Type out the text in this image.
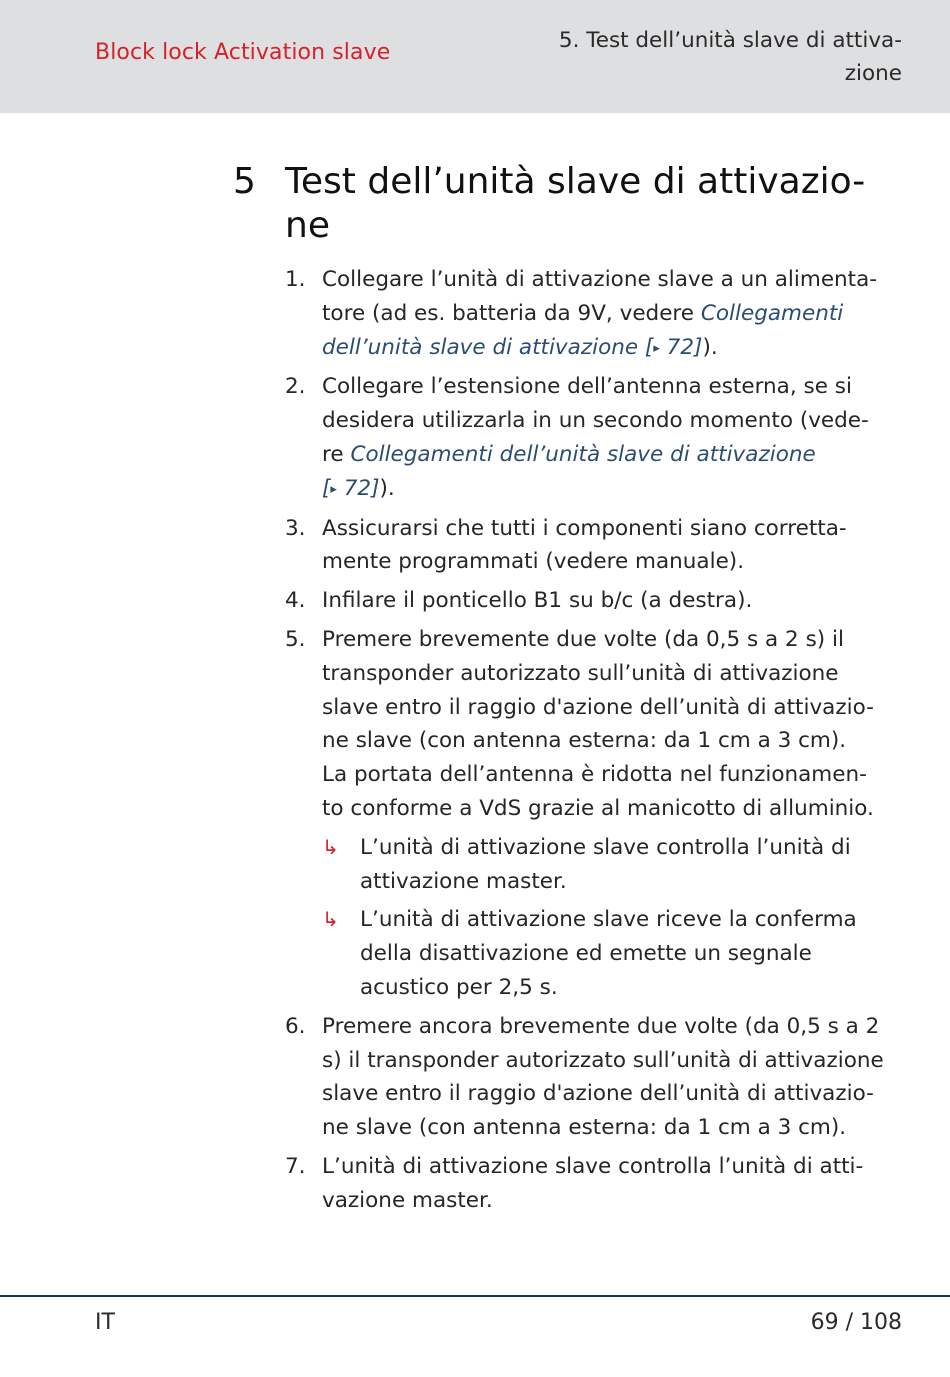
Block lock Activation slave	5. Test dell’unità slave di attiva-
zione
5 Test dell’unità slave di attivazio-
ne
1. Collegare l’unità di attivazione slave a un alimenta-
tore (ad es. batteria da 9V, vedere Collegamenti
dell’unità slave di attivazione [▸ 72]).
2. Collegare l’estensione dell’antenna esterna, se si
desidera utilizzarla in un secondo momento (vede-
re Collegamenti dell’unità slave di attivazione
[▸ 72]).
3. Assicurarsi che tutti i componenti siano corretta-
mente programmati (vedere manuale).
4. Infilare il ponticello B1 su b/c (a destra).
5. Premere brevemente due volte (da 0,5 s a 2 s) il
transponder autorizzato sull’unità di attivazione
slave entro il raggio d'azione dell’unità di attivazio-
ne slave (con antenna esterna: da 1 cm a 3 cm).
La portata dell’antenna è ridotta nel funzionamen-
to conforme a VdS grazie al manicotto di alluminio.
↳ L’unità di attivazione slave controlla l’unità di
attivazione master.
↳ L’unità di attivazione slave riceve la conferma
della disattivazione ed emette un segnale
acustico per 2,5 s.
6. Premere ancora brevemente due volte (da 0,5 s a 2
s) il transponder autorizzato sull’unità di attivazione
slave entro il raggio d'azione dell’unità di attivazio-
ne slave (con antenna esterna: da 1 cm a 3 cm).
7. L’unità di attivazione slave controlla l’unità di atti-
vazione master.
IT	69 / 108
